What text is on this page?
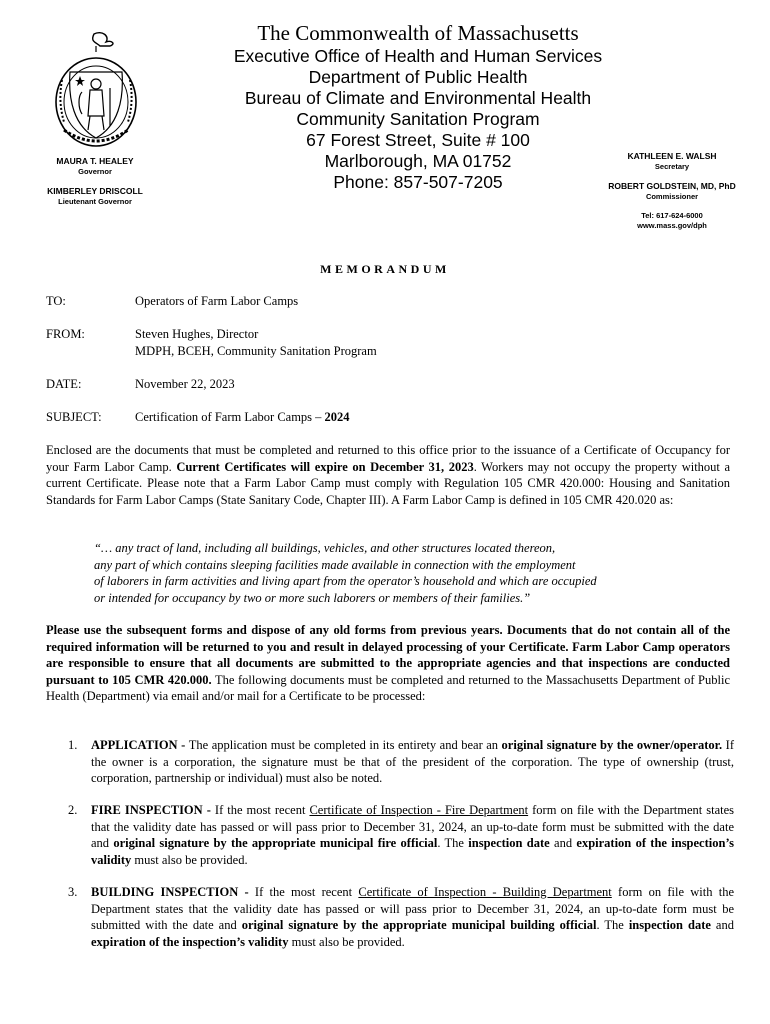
The Commonwealth of Massachusetts
Executive Office of Health and Human Services
Department of Public Health
Bureau of Climate and Environmental Health
Community Sanitation Program
67 Forest Street, Suite # 100
Marlborough, MA 01752
Phone: 857-507-7205
MAURA T. HEALEY
Governor
KIMBERLEY DRISCOLL
Lieutenant Governor
KATHLEEN E. WALSH
Secretary
ROBERT GOLDSTEIN, MD, PhD
Commissioner
Tel: 617-624-6000
www.mass.gov/dph
MEMORANDUM
TO:	Operators of Farm Labor Camps
FROM:	Steven Hughes, Director
MDPH, BCEH, Community Sanitation Program
DATE:	November 22, 2023
SUBJECT:	Certification of Farm Labor Camps – 2024
Enclosed are the documents that must be completed and returned to this office prior to the issuance of a Certificate of Occupancy for your Farm Labor Camp. Current Certificates will expire on December 31, 2023. Workers may not occupy the property without a current Certificate. Please note that a Farm Labor Camp must comply with Regulation 105 CMR 420.000: Housing and Sanitation Standards for Farm Labor Camps (State Sanitary Code, Chapter III). A Farm Labor Camp is defined in 105 CMR 420.020 as:
“… any tract of land, including all buildings, vehicles, and other structures located thereon,
any part of which contains sleeping facilities made available in connection with the employment
of laborers in farm activities and living apart from the operator’s household and which are occupied
or intended for occupancy by two or more such laborers or members of their families.”
Please use the subsequent forms and dispose of any old forms from previous years. Documents that do not contain all of the required information will be returned to you and result in delayed processing of your Certificate. Farm Labor Camp operators are responsible to ensure that all documents are submitted to the appropriate agencies and that inspections are conducted pursuant to 105 CMR 420.000. The following documents must be completed and returned to the Massachusetts Department of Public Health (Department) via email and/or mail for a Certificate to be processed:
1. APPLICATION - The application must be completed in its entirety and bear an original signature by the owner/operator. If the owner is a corporation, the signature must be that of the president of the corporation. The type of ownership (trust, corporation, partnership or individual) must also be noted.
2. FIRE INSPECTION - If the most recent Certificate of Inspection - Fire Department form on file with the Department states that the validity date has passed or will pass prior to December 31, 2024, an up-to-date form must be submitted with the date and original signature by the appropriate municipal fire official. The inspection date and expiration of the inspection’s validity must also be provided.
3. BUILDING INSPECTION - If the most recent Certificate of Inspection - Building Department form on file with the Department states that the validity date has passed or will pass prior to December 31, 2024, an up-to-date form must be submitted with the date and original signature by the appropriate municipal building official. The inspection date and expiration of the inspection’s validity must also be provided.
